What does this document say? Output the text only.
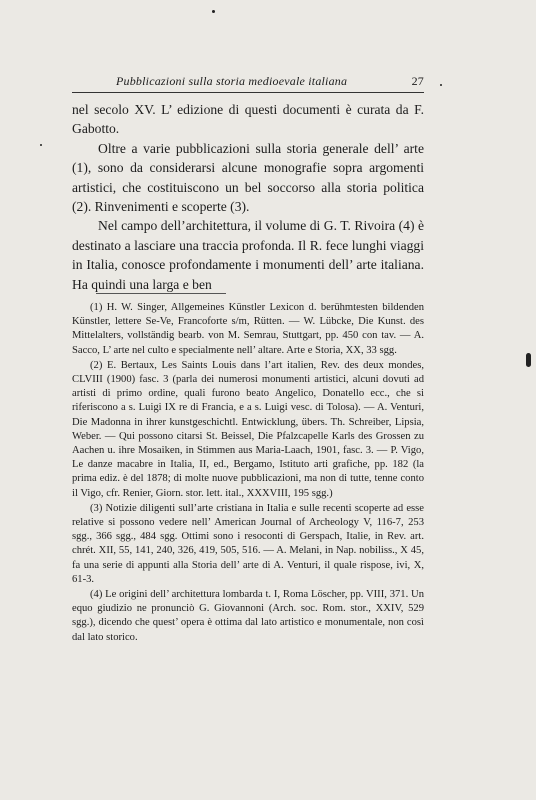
Pubblicazioni sulla storia medioevale italiana	27

nel secolo XV. L’ edizione di questi documenti è curata da F. Gabotto.

Oltre a varie pubblicazioni sulla storia generale dell’ arte (1), sono da considerarsi alcune monografie sopra argomenti artistici, che costituiscono un bel soccorso alla storia politica (2). Rinvenimenti e scoperte (3).

Nel campo dell’architettura, il volume di G. T. Rivoira (4) è destinato a lasciare una traccia profonda. Il R. fece lunghi viaggi in Italia, conosce profondamente i monumenti dell’ arte italiana. Ha quindi una larga e ben

(1) H. W. Singer, Allgemeines Künstler Lexicon d. berühmtesten bildenden Künstler, lettere Se-Ve, Francoforte s/m, Rütten. — W. Lübcke, Die Kunst. des Mittelalters, vollständig bearb. von M. Semrau, Stuttgart, pp. 450 con tav. — A. Sacco, L’ arte nel culto e specialmente nell’ altare. Arte e Storia, XX, 33 sgg.

(2) E. Bertaux, Les Saints Louis dans l’art italien, Rev. des deux mondes, CLVIII (1900) fasc. 3 (parla dei numerosi monumenti artistici, alcuni dovuti ad artisti di primo ordine, quali furono beato Angelico, Donatello ecc., che si riferiscono a s. Luigi IX re di Francia, e a s. Luigi vesc. di Tolosa). — A. Venturi, Die Madonna in ihrer kunstgeschichtl. Entwicklung, übers. Th. Schreiber, Lipsia, Weber. — Qui possono citarsi St. Beissel, Die Pfalzcapelle Karls des Grossen zu Aachen u. ihre Mosaiken, in Stimmen aus Maria-Laach, 1901, fasc. 3. — P. Vigo, Le danze macabre in Italia, II, ed., Bergamo, Istituto arti grafiche, pp. 182 (la prima ediz. è del 1878; di molte nuove pubblicazioni, ma non di tutte, tenne conto il Vigo, cfr. Renier, Giorn. stor. lett. ital., XXXVIII, 195 sgg.)

(3) Notizie diligenti sull’arte cristiana in Italia e sulle recenti scoperte ad esse relative si possono vedere nell’ American Journal of Archeology V, 116-7, 253 sgg., 366 sgg., 484 sgg. Ottimi sono i resoconti di Gerspach, Italie, in Rev. art. chrét. XII, 55, 141, 240, 326, 419, 505, 516. — A. Melani, in Nap. nobiliss., X 45, fa una serie di appunti alla Storia dell’ arte di A. Venturi, il quale rispose, ivi, X, 61-3.

(4) Le origini dell’ architettura lombarda t. I, Roma Löscher, pp. VIII, 371. Un equo giudizio ne pronunciò G. Giovannoni (Arch. soc. Rom. stor., XXIV, 529 sgg.), dicendo che quest’ opera è ottima dal lato artistico e monumentale, non così dal lato storico.
